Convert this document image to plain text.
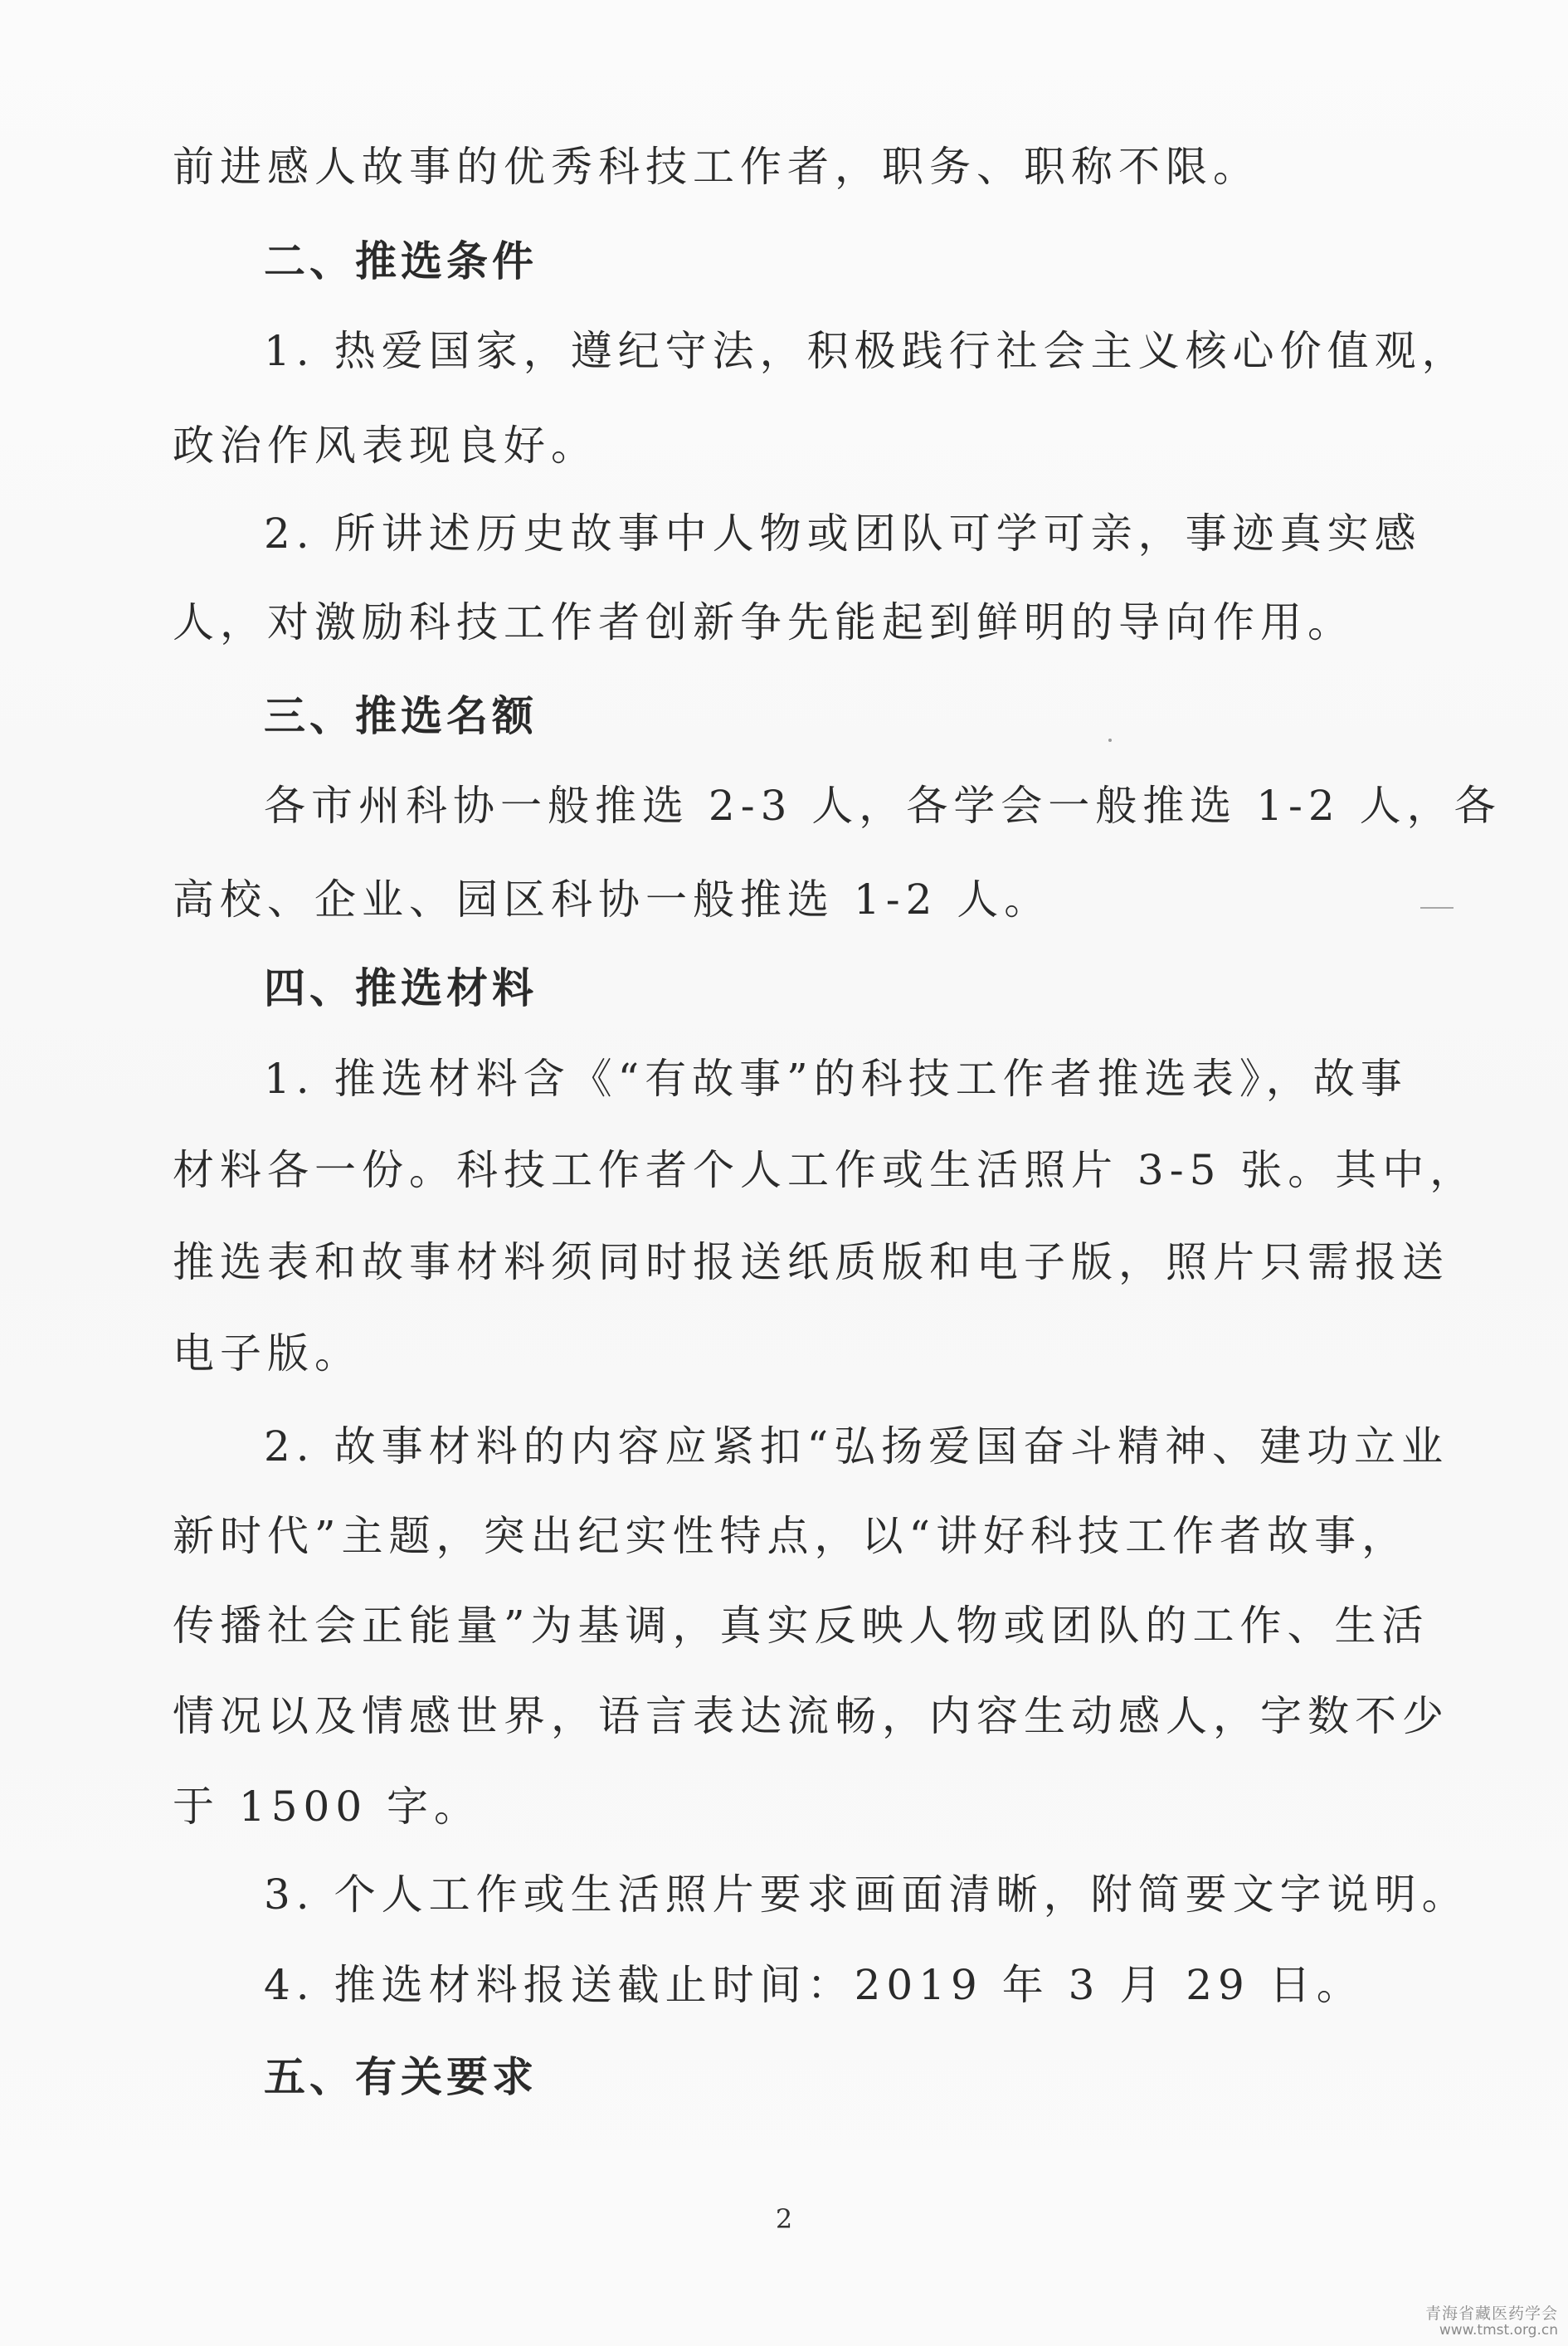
前进感人故事的优秀科技工作者，职务、职称不限。
二、推选条件
1. 热爱国家，遵纪守法，积极践行社会主义核心价值观，
政治作风表现良好。
2. 所讲述历史故事中人物或团队可学可亲，事迹真实感
人，对激励科技工作者创新争先能起到鲜明的导向作用。
三、推选名额
各市州科协一般推选 2-3 人，各学会一般推选 1-2 人，各
高校、企业、园区科协一般推选 1-2 人。
四、推选材料
1. 推选材料含《“有故事”的科技工作者推选表》，故事
材料各一份。科技工作者个人工作或生活照片 3-5 张。其中，
推选表和故事材料须同时报送纸质版和电子版，照片只需报送
电子版。
2. 故事材料的内容应紧扣“弘扬爱国奋斗精神、建功立业
新时代”主题，突出纪实性特点，以“讲好科技工作者故事，
传播社会正能量”为基调，真实反映人物或团队的工作、生活
情况以及情感世界，语言表达流畅，内容生动感人，字数不少
于 1500 字。
3. 个人工作或生活照片要求画面清晰，附简要文字说明。
4. 推选材料报送截止时间：2019 年 3 月 29 日。
五、有关要求
2
青海省藏医药学会
www.tmst.org.cn
